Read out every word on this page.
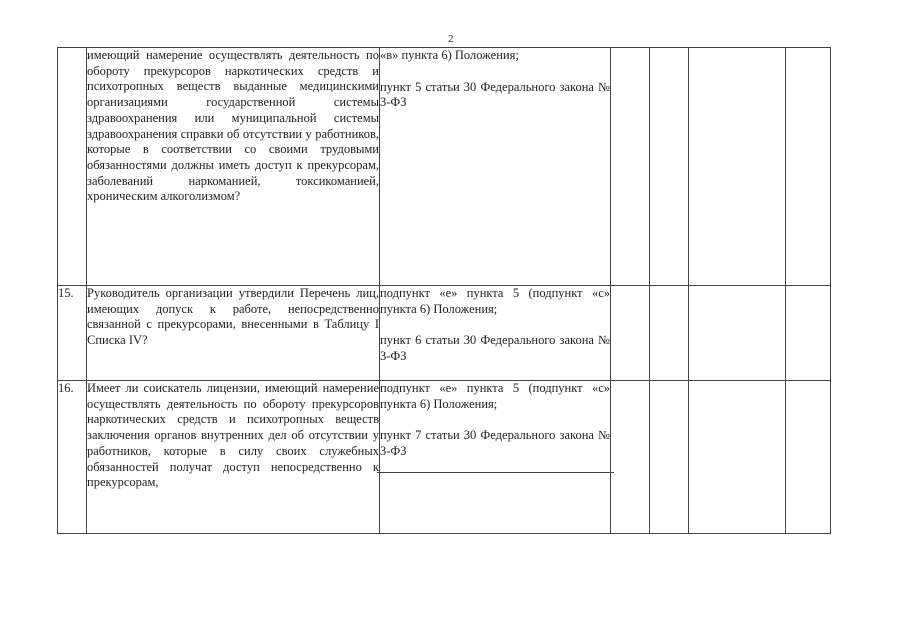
2

	имеющий намерение осуществлять деятельность по обороту прекурсоров наркотических средств и психотропных веществ выданные медицинскими организациями государственной системы здравоохранения или муниципальной системы здравоохранения справки об отсутствии у работников, которые в соответствии со своими трудовыми обязанностями должны иметь доступ к прекурсорам, заболеваний наркоманией, токсикоманией, хроническим алкоголизмом?	«в» пункта 6) Положения;

пункт 5 статьи 30 Федерального закона № 3-ФЗ				

15.	Руководитель организации утвердили Перечень лиц, имеющих допуск к работе, непосредственно связанной с прекурсорами, внесенными в Таблицу I Списка IV?	подпункт «е» пункта 5 (подпункт «с» пункта 6) Положения;

пункт 6 статьи 30 Федерального закона № 3-ФЗ				

16.	Имеет ли соискатель лицензии, имеющий намерение осуществлять деятельность по обороту прекурсоров наркотических средств и психотропных веществ заключения органов внутренних дел об отсутствии у работников, которые в силу своих служебных обязанностей получат доступ непосредственно к прекурсорам,	подпункт «е» пункта 5 (подпункт «с» пункта 6) Положения;

пункт 7 статьи 30 Федерального закона № 3-ФЗ				
